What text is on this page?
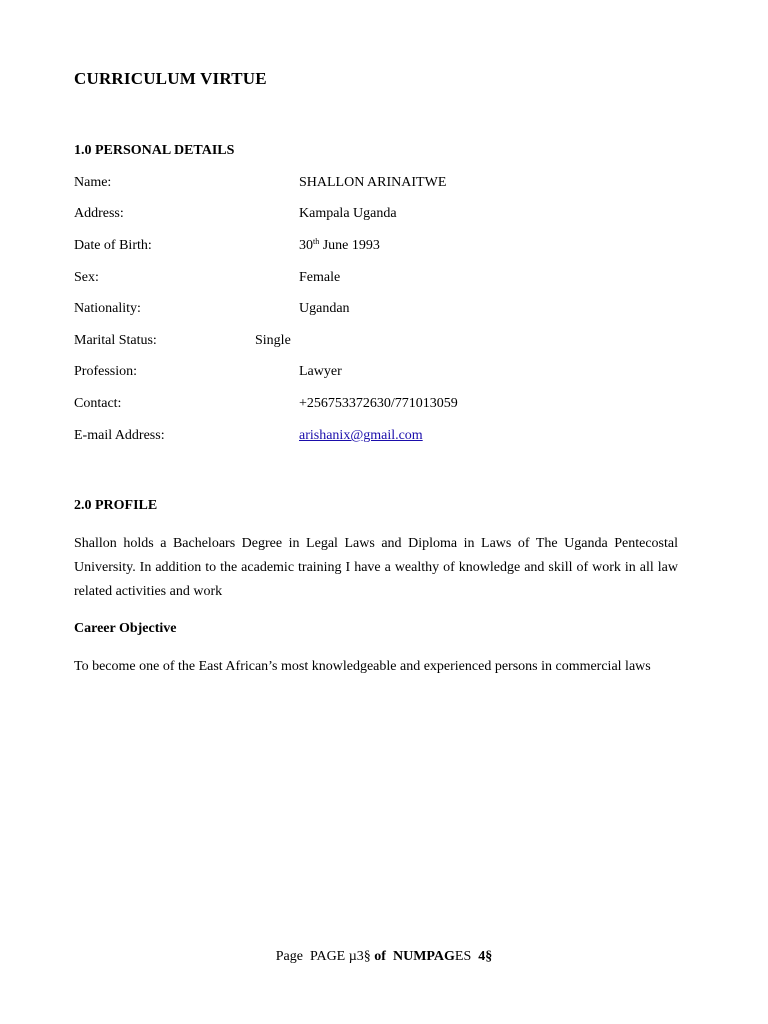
CURRICULUM VIRTUE
1.0 PERSONAL DETAILS
Name:	SHALLON ARINAITWE
Address:	Kampala Uganda
Date of Birth:	30th June 1993
Sex:	Female
Nationality:	Ugandan
Marital Status:	Single
Profession:	Lawyer
Contact:	+256753372630/771013059
E-mail Address:	arishanix@gmail.com
2.0 PROFILE
Shallon holds a Bacheloars Degree in Legal Laws and Diploma in Laws of The Uganda Pentecostal University. In addition to the academic training I have a wealthy of knowledge and skill of work in all law related activities and work
Career Objective
To become one of the East African’s most knowledgeable and experienced persons in commercial laws
Page PAGE µ3§ of NUMPAGES 4§
